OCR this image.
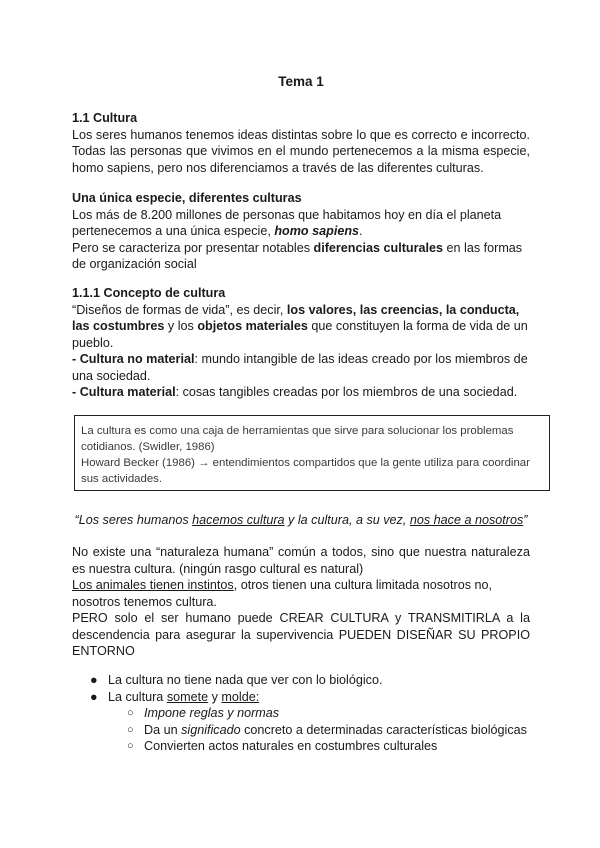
Tema 1
1.1 Cultura
Los seres humanos tenemos ideas distintas sobre lo que es correcto e incorrecto. Todas las personas que vivimos en el mundo pertenecemos a la misma especie, homo sapiens, pero nos diferenciamos a través de las diferentes culturas.
Una única especie, diferentes culturas
Los más de 8.200 millones de personas que habitamos hoy en día el planeta pertenecemos a una única especie, homo sapiens.
Pero se caracteriza por presentar notables diferencias culturales en las formas de organización social
1.1.1 Concepto de cultura
“Diseños de formas de vida”, es decir, los valores, las creencias, la conducta, las costumbres y los objetos materiales que constituyen la forma de vida de un pueblo.
- Cultura no material: mundo intangible de las ideas creado por los miembros de una sociedad.
- Cultura material: cosas tangibles creadas por los miembros de una sociedad.

La cultura es como una caja de herramientas que sirve para solucionar los problemas cotidianos. (Swidler, 1986)

Howard Becker (1986) → entendimientos compartidos que la gente utiliza para coordinar sus actividades.

“Los seres humanos hacemos cultura y la cultura, a su vez, nos hace a nosotros”
No existe una “naturaleza humana” común a todos, sino que nuestra naturaleza es nuestra cultura. (ningún rasgo cultural es natural)
Los animales tienen instintos, otros tienen una cultura limitada nosotros no, nosotros tenemos cultura.
PERO solo el ser humano puede CREAR CULTURA y TRANSMITIRLA a la descendencia para asegurar la supervivencia PUEDEN DISEÑAR SU PROPIO ENTORNO
● La cultura no tiene nada que ver con lo biológico.
● La cultura somete y molde:
○ Impone reglas y normas
○ Da un significado concreto a determinadas características biológicas
○ Convierten actos naturales en costumbres culturales
